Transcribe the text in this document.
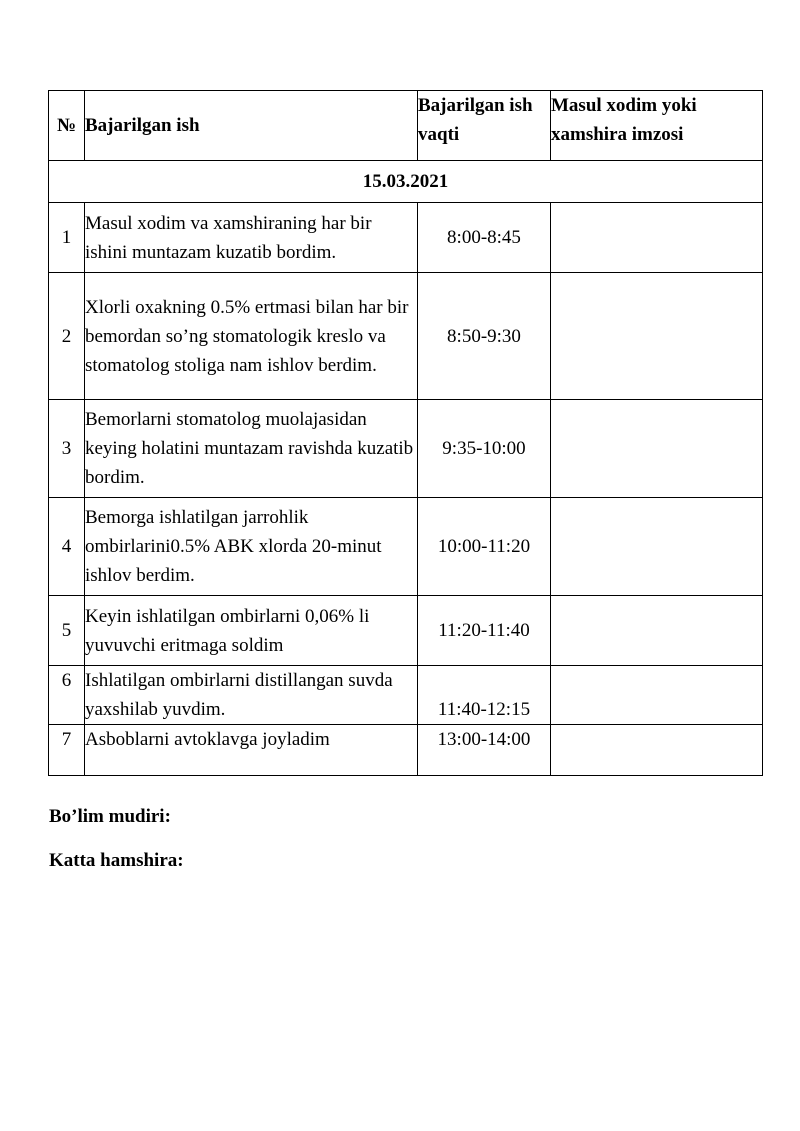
№	Bajarilgan ish	Bajarilgan ish vaqti	Masul xodim yoki xamshira imzosi
15.03.2021			
1	Masul xodim va xamshiraning har bir ishini muntazam kuzatib bordim.	8:00-8:45	
2	Xlorli oxakning 0.5% ertmasi bilan har bir bemordan so’ng stomatologik kreslo va stomatolog stoliga nam ishlov berdim.	8:50-9:30	
3	Bemorlarni stomatolog muolajasidan keying holatini muntazam ravishda kuzatib bordim.	9:35-10:00	
4	Bemorga ishlatilgan jarrohlik ombirlarini0.5% ABK xlorda 20-minut ishlov berdim.	10:00-11:20	
5	Keyin ishlatilgan ombirlarni 0,06% li yuvuvchi eritmaga soldim	11:20-11:40	
6	Ishlatilgan ombirlarni distillangan suvda yaxshilab yuvdim.	11:40-12:15	
7	Asboblarni avtoklavga joyladim	13:00-14:00	
Bo’lim mudiri:
Katta hamshira:
